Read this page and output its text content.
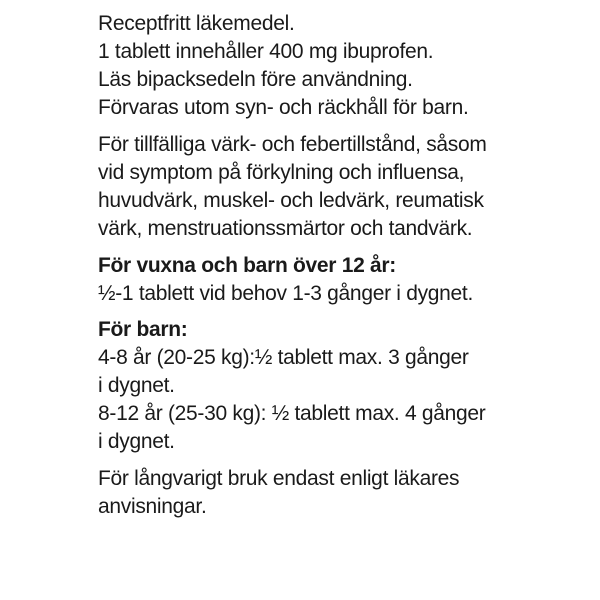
Receptfritt läkemedel.
1 tablett innehåller 400 mg ibuprofen.
Läs bipacksedeln före användning.
Förvaras utom syn- och räckhåll för barn.
För tillfälliga värk- och febertillstånd, såsom
vid symptom på förkylning och influensa,
huvudvärk, muskel- och ledvärk, reumatisk
värk, menstruationssmärtor och tandvärk.
För vuxna och barn över 12 år:
½-1 tablett vid behov 1-3 gånger i dygnet.
För barn:
4-8 år (20-25 kg):½ tablett max. 3 gånger
i dygnet.
8-12 år (25-30 kg): ½ tablett max. 4 gånger
i dygnet.
För långvarigt bruk endast enligt läkares
anvisningar.
